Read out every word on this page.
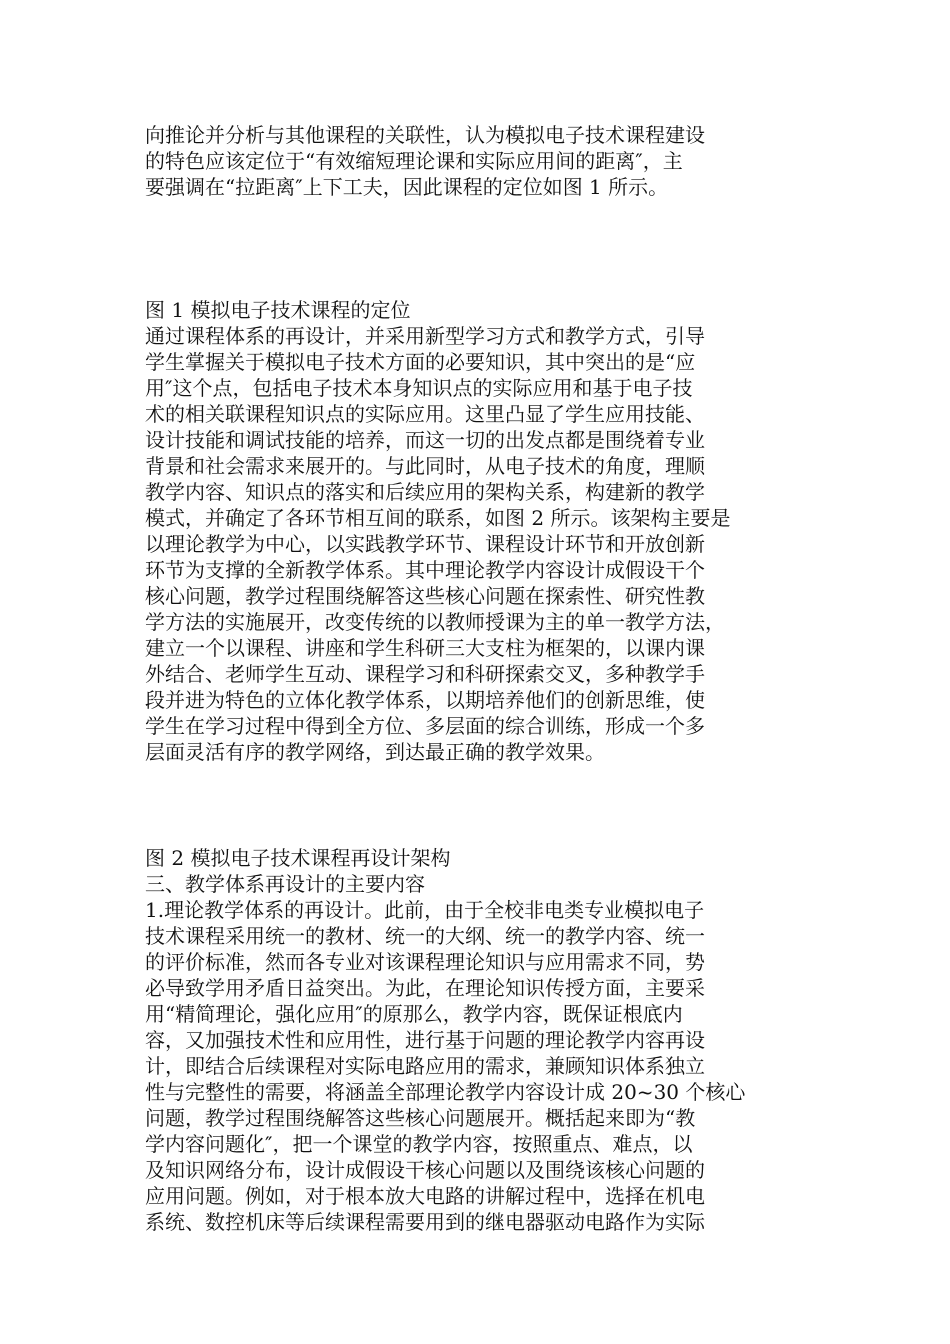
向推论并分析与其他课程的关联性，认为模拟电子技术课程建设
的特色应该定位于“有效缩短理论课和实际应用间的距离″，主
要强调在“拉距离″上下工夫，因此课程的定位如图 1 所示。
图 1 模拟电子技术课程的定位
通过课程体系的再设计，并采用新型学习方式和教学方式，引导
学生掌握关于模拟电子技术方面的必要知识，其中突出的是“应
用″这个点，包括电子技术本身知识点的实际应用和基于电子技
术的相关联课程知识点的实际应用。这里凸显了学生应用技能、
设计技能和调试技能的培养，而这一切的出发点都是围绕着专业
背景和社会需求来展开的。与此同时，从电子技术的角度，理顺
教学内容、知识点的落实和后续应用的架构关系，构建新的教学
模式，并确定了各环节相互间的联系，如图 2 所示。该架构主要是
以理论教学为中心，以实践教学环节、课程设计环节和开放创新
环节为支撑的全新教学体系。其中理论教学内容设计成假设干个
核心问题，教学过程围绕解答这些核心问题在探索性、研究性教
学方法的实施展开，改变传统的以教师授课为主的单一教学方法，
建立一个以课程、讲座和学生科研三大支柱为框架的，以课内课
外结合、老师学生互动、课程学习和科研探索交叉，多种教学手
段并进为特色的立体化教学体系，以期培养他们的创新思维，使
学生在学习过程中得到全方位、多层面的综合训练，形成一个多
层面灵活有序的教学网络，到达最正确的教学效果。
图 2 模拟电子技术课程再设计架构
三、教学体系再设计的主要内容
1.理论教学体系的再设计。此前，由于全校非电类专业模拟电子
技术课程采用统一的教材、统一的大纲、统一的教学内容、统一
的评价标准，然而各专业对该课程理论知识与应用需求不同，势
必导致学用矛盾日益突出。为此，在理论知识传授方面，主要采
用“精简理论，强化应用″的原那么，教学内容，既保证根底内
容，又加强技术性和应用性，进行基于问题的理论教学内容再设
计，即结合后续课程对实际电路应用的需求，兼顾知识体系独立
性与完整性的需要，将涵盖全部理论教学内容设计成 20~30 个核心
问题，教学过程围绕解答这些核心问题展开。概括起来即为“教
学内容问题化″，把一个课堂的教学内容，按照重点、难点，以
及知识网络分布，设计成假设干核心问题以及围绕该核心问题的
应用问题。例如，对于根本放大电路的讲解过程中，选择在机电
系统、数控机床等后续课程需要用到的继电器驱动电路作为实际
